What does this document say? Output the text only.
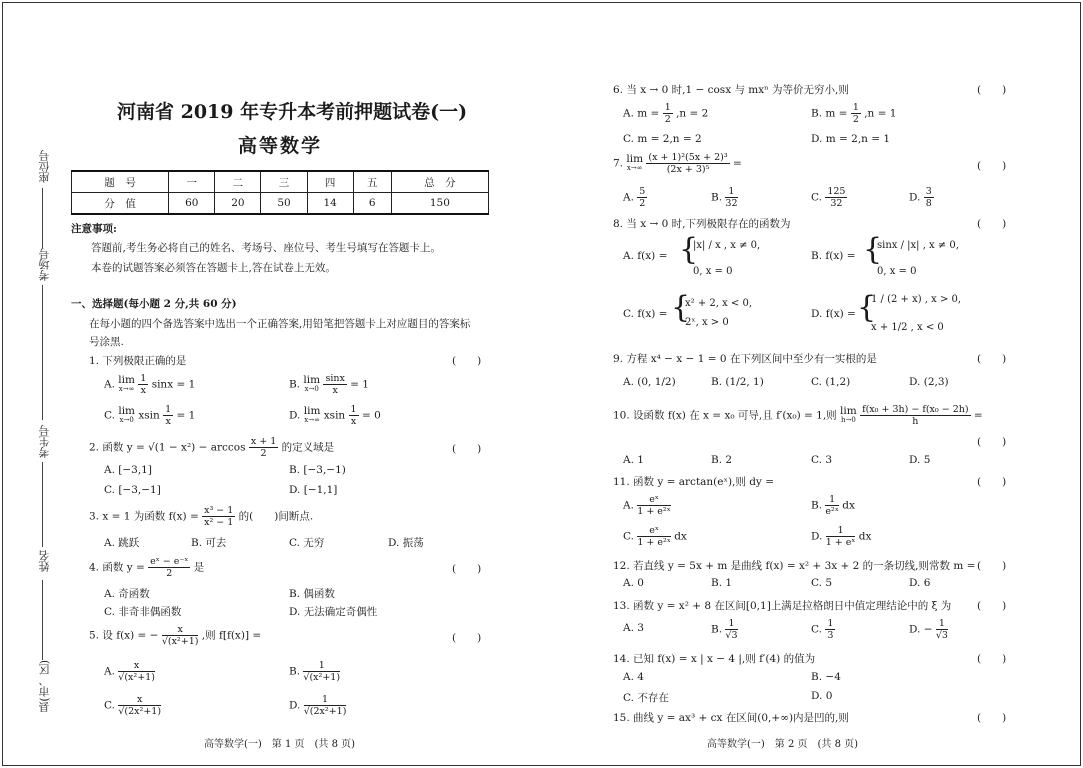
座位号
考场号
考生号
姓名
县(市、区)
河南省 2019 年专升本考前押题试卷(一)
高等数学
题　号	一	二	三	四	五	总　分
分　值	60	20	50	14	6	150
注意事项:
答题前,考生务必将自己的姓名、考场号、座位号、考生号填写在答题卡上。
本卷的试题答案必须答在答题卡上,答在试卷上无效。
一、选择题(每小题 2 分,共 60 分)
在每小题的四个备选答案中选出一个正确答案,用铅笔把答题卡上对应题目的答案标
号涂黑.
1. 下列极限正确的是	(　　)
A. lim
x→∞
$\frac{1}{x}$ sinx = 1	B. lim
x→0
$\frac{\sin x}{x} = 1$
C. lim
x→0 xsin $\frac{1}{x} = 1$	D. lim
x→∞ xsin $\frac{1}{x} = 0$
2. 函数 $y = √(1 - x^2) - \arccos \frac{x + 1}{2}$ 的定义域是	(　　)
A. [−3,1]	B. [−3,−1)
C. [−3,−1]	D. [−1,1]
3. x = 1 为函数 $f(x) = \frac{\text{x³ − 1}}{\text{x² − 1}}$ 的(　　)间断点.
A. 跳跃	B. 可去	C. 无穷	D. 振荡
4. 函数 $y = \frac{\text{eˣ − e⁻ˣ}}{2}$ 是	(　　)
A. 奇函数	B. 偶函数
C. 非奇非偶函数	D. 无法确定奇偶性
5. 设 f(x) = − $\frac{x}{\text{√(x²+1)}}$ ,则 f[f(x)] =	(　　)
A. $\frac{x}{\text{√(x²+1)}}$	B. $\frac{1}{\text{√(x²+1)}}$
C. $\frac{x}{\text{√(2x²+1)}}$	D. $\frac{1}{\text{√(2x²+1)}}$
高等数学(一)　第 1 页　(共 8 页)
6. 当 x → 0 时,1 − cosx 与 mxⁿ 为等价无穷小,则	(　　)
A. $m = \frac{1}{2} ,n = 2$	B. $m = \frac{1}{2} ,n = 1$
C. m = 2,n = 2	D. m = 2,n = 1
7. lim
x→∞
$\frac{\text{(x + 1)²(5x + 2)³}}{\text{(2x + 3)⁵}}$ =	(　　)
A. $\frac{5}{2}$	B. $\frac{1}{32}$	C. $\frac{125}{32}$	D. $\frac{3}{8}$
8. 当 x → 0 时,下列极限存在的函数为	(　　)
A. f(x) = {
|x| / x , x ≠ 0,
0, x = 0
B. f(x) = {
sinx / |x| , x ≠ 0,
0, x = 0
C. f(x) = {
x² + 2, x < 0,
2ˣ, x > 0
D. f(x) = {
1 / (2 + x) , x > 0,
x + 1/2 , x < 0
9. 方程 x⁴ − x − 1 = 0 在下列区间中至少有一实根的是	(　　)
A. (0, 1/2)	B. (1/2, 1)	C. (1,2)	D. (2,3)
10. 设函数 f(x) 在 x = x₀ 可导,且 f′(x₀) = 1,则 lim
h→0
$\frac{\text{f(x₀ + 3h) − f(x₀ − 2h)}}{h}$ =
(　　)
A. 1	B. 2	C. 3	D. 5
11. 函数 y = arctan(eˣ),则 dy =	(　　)
A. $\frac{\text{eˣ}}{\text{1 + e²ˣ}}$	B. $\frac{1}{\text{e²ˣ}}$ dx
C. $\frac{\text{eˣ}}{\text{1 + e²ˣ}}$ dx	D. $\frac{1}{\text{1 + eˣ}}$ dx
12. 若直线 y = 5x + m 是曲线 f(x) = x² + 3x + 2 的一条切线,则常数 m = (　　)
A. 0	B. 1	C. 5	D. 6
13. 函数 y = x² + 8 在区间[0,1]上满足拉格朗日中值定理结论中的 ξ 为 (　　)
A. 3	B. $\frac{1}{√3}$	C. $\frac{1}{3}$	D. − $\frac{1}{√3}$
14. 已知 f(x) = x | x − 4 |,则 f′(4) 的值为	(　　)
A. 4	B. −4
C. 不存在	D. 0
15. 曲线 y = ax³ + cx 在区间(0,+∞)内是凹的,则	(　　)
高等数学(一)　第 2 页　(共 8 页)
